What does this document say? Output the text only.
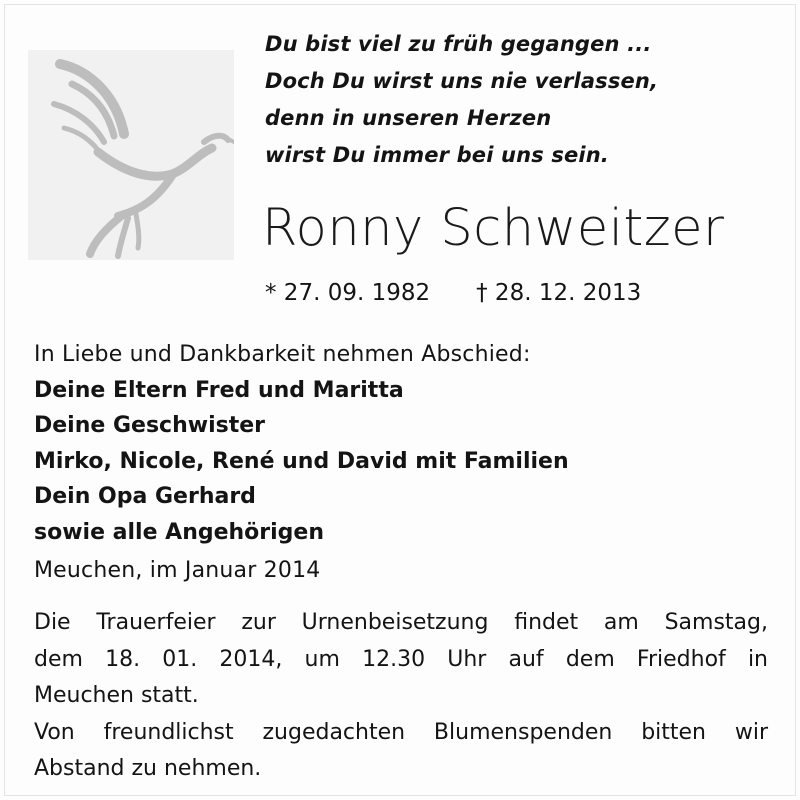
Du bist viel zu früh gegangen ...
Doch Du wirst uns nie verlassen,
denn in unseren Herzen
wirst Du immer bei uns sein.
Ronny Schweitzer
* 27. 09. 1982 † 28. 12. 2013
In Liebe und Dankbarkeit nehmen Abschied:
Deine Eltern Fred und Maritta
Deine Geschwister
Mirko, Nicole, René und David mit Familien
Dein Opa Gerhard
sowie alle Angehörigen
Meuchen, im Januar 2014
Die Trauerfeier zur Urnenbeisetzung findet am Samstag,
dem 18. 01. 2014, um 12.30 Uhr auf dem Friedhof in
Meuchen statt.
Von freundlichst zugedachten Blumenspenden bitten wir
Abstand zu nehmen.
